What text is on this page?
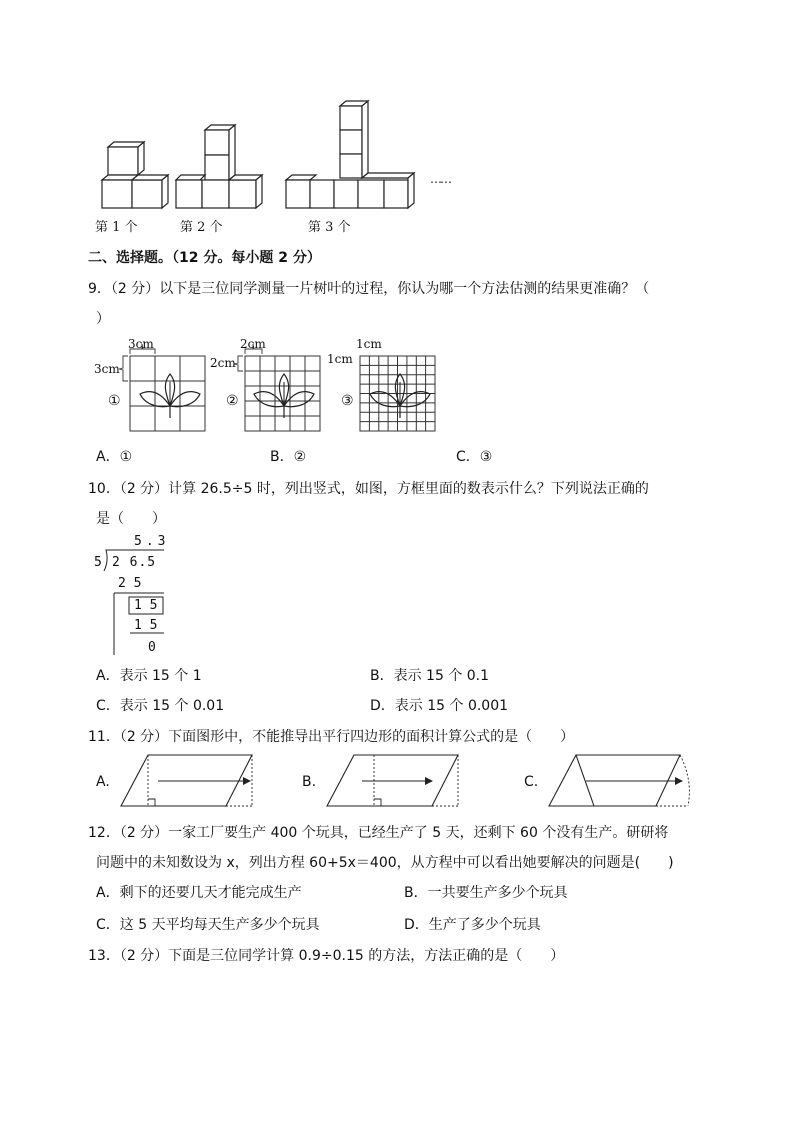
……
第 1 个	第 2 个	第 3 个
二、选择题。（12 分。每小题 2 分）
9．（2 分）以下是三位同学测量一片树叶的过程，你认为哪一个方法估测的结果更准确？（
）
3cm
3cm
①
2cm
2cm
②
1cm
1cm
③
A．①	B．②	C．③
10．（2 分）计算 26.5÷5 时，列出竖式，如图，方框里面的数表示什么？下列说法正确的
是（　　）
5.3
5 2 6.5
2 5
1 5
1 5
0
A．表示 15 个 1	B．表示 15 个 0.1
C．表示 15 个 0.01	D．表示 15 个 0.001
11．（2 分）下面图形中，不能推导出平行四边形的面积计算公式的是（　　）
A.	B.	C.
12．（2 分）一家工厂要生产 400 个玩具，已经生产了 5 天，还剩下 60 个没有生产。研研将
问题中的未知数设为 x，列出方程 60+5x＝400，从方程中可以看出她要解决的问题是(　　)
A．剩下的还要几天才能完成生产	B．一共要生产多少个玩具
C．这 5 天平均每天生产多少个玩具	D．生产了多少个玩具
13．（2 分）下面是三位同学计算 0.9÷0.15 的方法，方法正确的是（　　）
